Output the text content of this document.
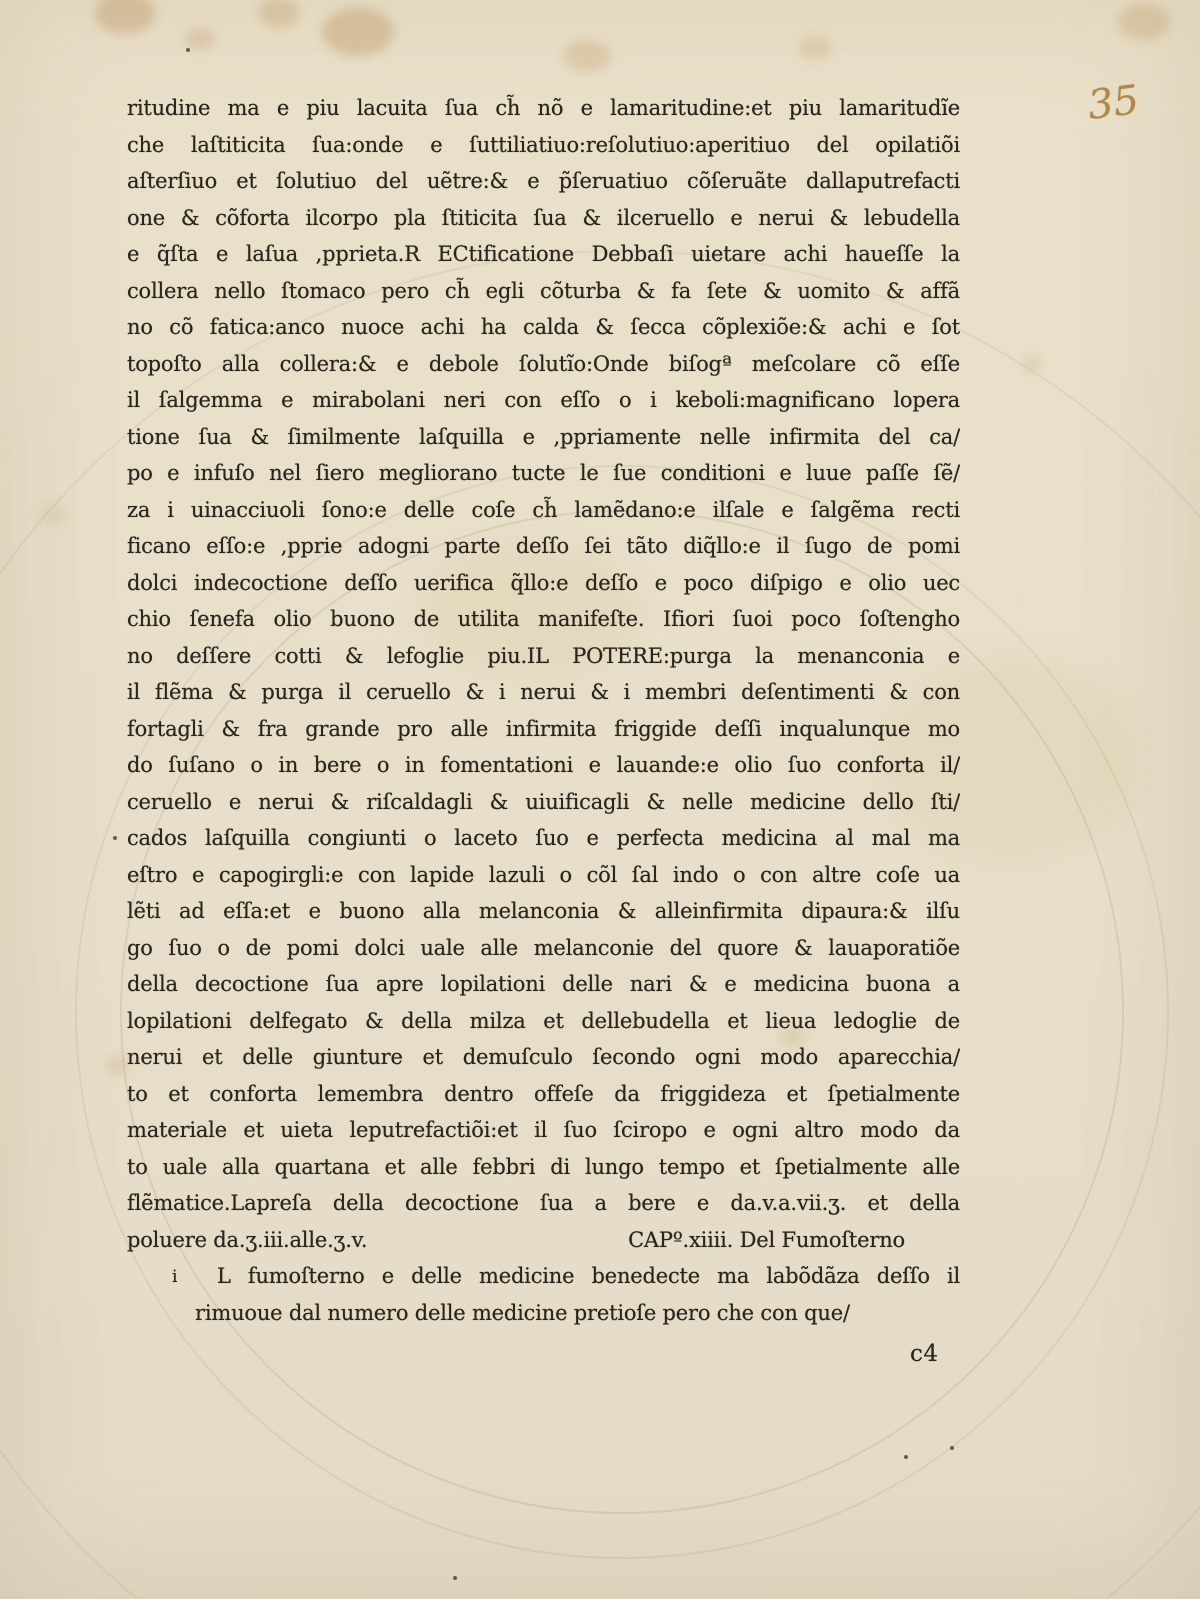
35
ritudine ma e piu lacuita ſua ch̃ nõ e lamaritudine:et piu lamaritudĩe
che laſtiticita ſua:onde e ſuttiliatiuo:reſolutiuo:aperitiuo del opilatiõi
aſterſiuo et ſolutiuo del uẽtre:& e p̃ſeruatiuo cõſeruãte dallaputrefacti
one & cõforta ilcorpo pla ſtiticita ſua & ilceruello e nerui & lebudella
e q̃ſta e laſua ,pprieta.R ECtificatione Debbaſi uietare achi haueſſe la
collera nello ſtomaco pero ch̃ egli cõturba & fa ſete & uomito & affã
no cõ fatica:anco nuoce achi ha calda & ſecca cõplexiõe:& achi e ſot
topoſto alla collera:& e debole ſolutĩo:Onde biſogª meſcolare cõ eſſe
il ſalgemma e mirabolani neri con eſſo o i keboli:magnificano lopera
tione ſua & ſimilmente laſquilla e ,ppriamente nelle infirmita del ca/
po e infuſo nel ſiero megliorano tucte le ſue conditioni e luue paſſe ſẽ/
za i uinacciuoli ſono:e delle coſe ch̃ lamẽdano:e ilſale e ſalgẽma recti
ficano eſſo:e ,pprie adogni parte deſſo ſei tãto diq̃llo:e il ſugo de pomi
dolci indecoctione deſſo uerifica q̃llo:e deſſo e poco diſpigo e olio uec
chio ſenefa olio buono de utilita manifeſte. Ifiori ſuoi poco ſoſtengho
no deſſere cotti & lefoglie piu.IL POTERE:purga la menanconia e
il flẽma & purga il ceruello & i nerui & i membri deſentimenti & con
fortagli & fra grande pro alle infirmita friggide deſſi inqualunque mo
do ſuſano o in bere o in fomentationi e lauande:e olio ſuo conforta il/
ceruello e nerui & riſcaldagli & uiuificagli & nelle medicine dello ſti/
cados laſquilla congiunti o laceto ſuo e perfecta medicina al mal ma
eſtro e capogirgli:e con lapide lazuli o cõl ſal indo o con altre coſe ua
lẽti ad eſſa:et e buono alla melanconia & alleinfirmita dipaura:& ilſu
go ſuo o de pomi dolci uale alle melanconie del quore & lauaporatiõe
della decoctione ſua apre lopilationi delle nari & e medicina buona a
lopilationi delfegato & della milza et dellebudella et lieua ledoglie de
nerui et delle giunture et demuſculo ſecondo ogni modo aparecchia/
to et conforta lemembra dentro offeſe da friggideza et ſpetialmente
materiale et uieta leputrefactiõi:et il ſuo ſciropo e ogni altro modo da
to uale alla quartana et alle febbri di lungo tempo et ſpetialmente alle
flẽmatice.Lapreſa della decoctione ſua a bere e da.v.a.vii.ʒ. et della
poluere da.ʒ.iii.alle.ʒ.v.	CAPº.xiiii. Del Fumoſterno
i L fumoſterno e delle medicine benedecte ma labõdãza deſſo il
rimuoue dal numero delle medicine pretioſe pero che con que/
c4
